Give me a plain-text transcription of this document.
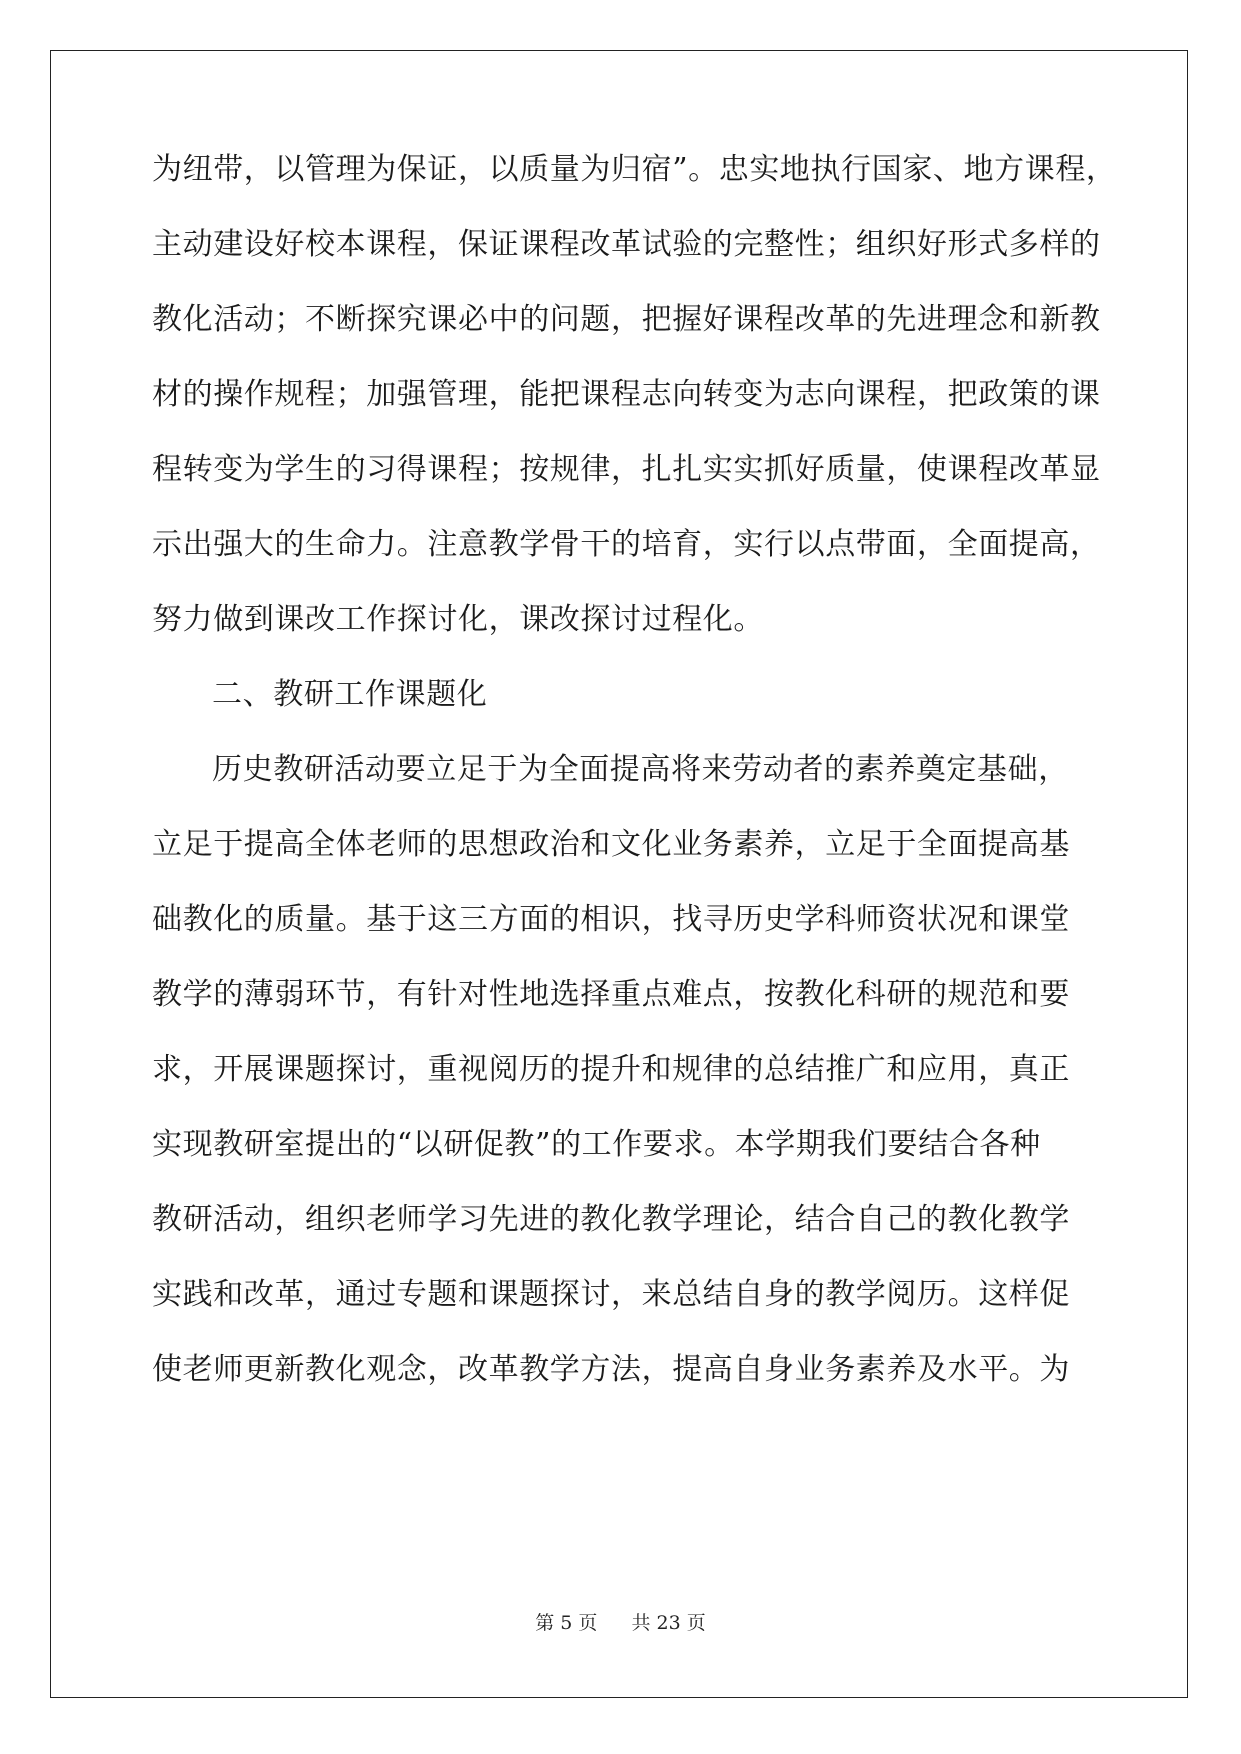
为纽带，以管理为保证，以质量为归宿”。忠实地执行国家、地方课程，
主动建设好校本课程，保证课程改革试验的完整性；组织好形式多样的
教化活动；不断探究课必中的问题，把握好课程改革的先进理念和新教
材的操作规程；加强管理，能把课程志向转变为志向课程，把政策的课
程转变为学生的习得课程；按规律，扎扎实实抓好质量，使课程改革显
示出强大的生命力。注意教学骨干的培育，实行以点带面，全面提高，
努力做到课改工作探讨化，课改探讨过程化。
二、教研工作课题化
历史教研活动要立足于为全面提高将来劳动者的素养奠定基础，
立足于提高全体老师的思想政治和文化业务素养，立足于全面提高基
础教化的质量。基于这三方面的相识，找寻历史学科师资状况和课堂
教学的薄弱环节，有针对性地选择重点难点，按教化科研的规范和要
求，开展课题探讨，重视阅历的提升和规律的总结推广和应用，真正
实现教研室提出的“以研促教”的工作要求。本学期我们要结合各种
教研活动，组织老师学习先进的教化教学理论，结合自己的教化教学
实践和改革，通过专题和课题探讨，来总结自身的教学阅历。这样促
使老师更新教化观念，改革教学方法，提高自身业务素养及水平。为
第 5 页 共 23 页
